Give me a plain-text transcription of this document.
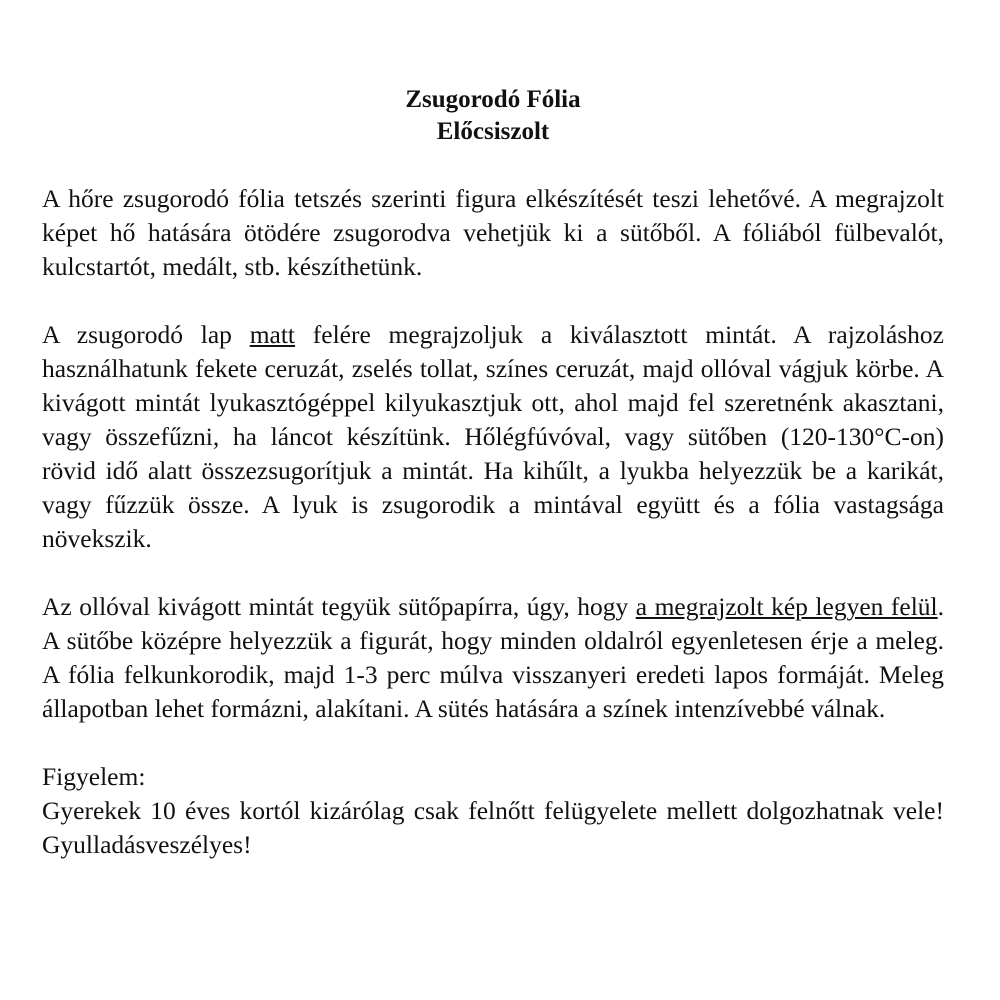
Zsugorodó Fólia
Előcsiszolt

A hőre zsugorodó fólia tetszés szerinti figura elkészítését teszi lehetővé. A megrajzolt képet hő hatására ötödére zsugorodva vehetjük ki a sütőből. A fóliából fülbevalót, kulcstartót, medált, stb. készíthetünk.

A zsugorodó lap matt felére megrajzoljuk a kiválasztott mintát. A rajzoláshoz használhatunk fekete ceruzát, zselés tollat, színes ceruzát, majd ollóval vágjuk körbe. A kivágott mintát lyukasztógéppel kilyukasztjuk ott, ahol majd fel szeretnénk akasztani, vagy összefűzni, ha láncot készítünk. Hőlégfúvóval, vagy sütőben (120-130°C-on) rövid idő alatt összezsugorítjuk a mintát. Ha kihűlt, a lyukba helyezzük be a karikát, vagy fűzzük össze. A lyuk is zsugorodik a mintával együtt és a fólia vastagsága növekszik.

Az ollóval kivágott mintát tegyük sütőpapírra, úgy, hogy a megrajzolt kép legyen felül. A sütőbe középre helyezzük a figurát, hogy minden oldalról egyenletesen érje a meleg. A fólia felkunkorodik, majd 1-3 perc múlva visszanyeri eredeti lapos formáját. Meleg állapotban lehet formázni, alakítani. A sütés hatására a színek intenzívebbé válnak.

Figyelem:
Gyerekek 10 éves kortól kizárólag csak felnőtt felügyelete mellett dolgozhatnak vele! Gyulladásveszélyes!
